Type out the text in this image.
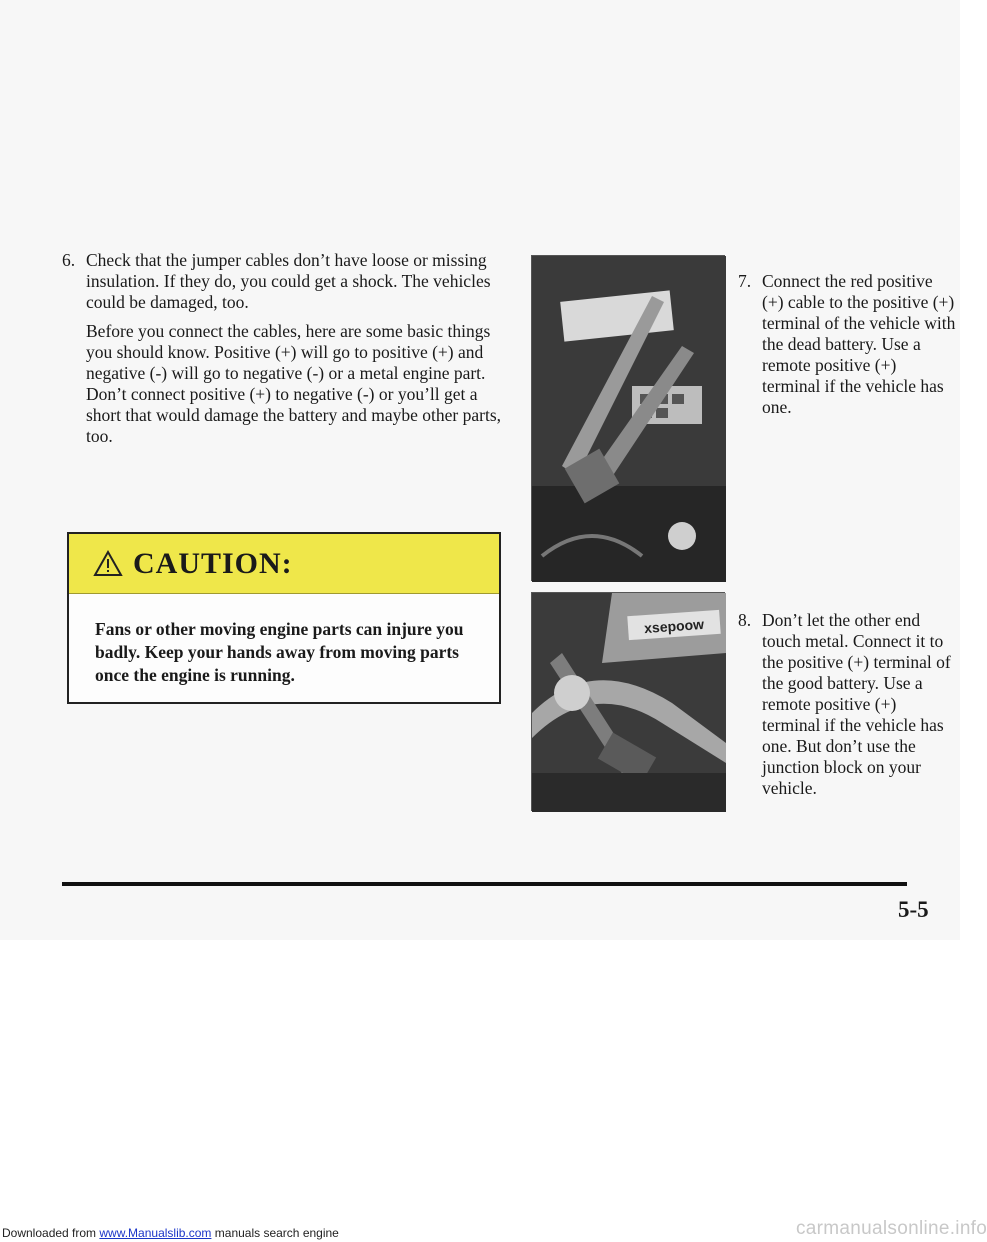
6. Check that the jumper cables don’t have loose or missing insulation. If they do, you could get a shock. The vehicles could be damaged, too.

Before you connect the cables, here are some basic things you should know. Positive (+) will go to positive (+) and negative (-) will go to negative (-) or a metal engine part. Don’t connect positive (+) to negative (-) or you’ll get a short that would damage the battery and maybe other parts, too.

CAUTION:

Fans or other moving engine parts can injure you badly. Keep your hands away from moving parts once the engine is running.

7. Connect the red positive (+) cable to the positive (+) terminal of the vehicle with the dead battery. Use a remote positive (+) terminal if the vehicle has one.

xsepoow 8. Don’t let the other end touch metal. Connect it to the positive (+) terminal of the good battery. Use a remote positive (+) terminal if the vehicle has one. But don’t use the junction block on your vehicle.

5-5
Downloaded from www.Manualslib.com manuals search engine	carmanualsonline.info
